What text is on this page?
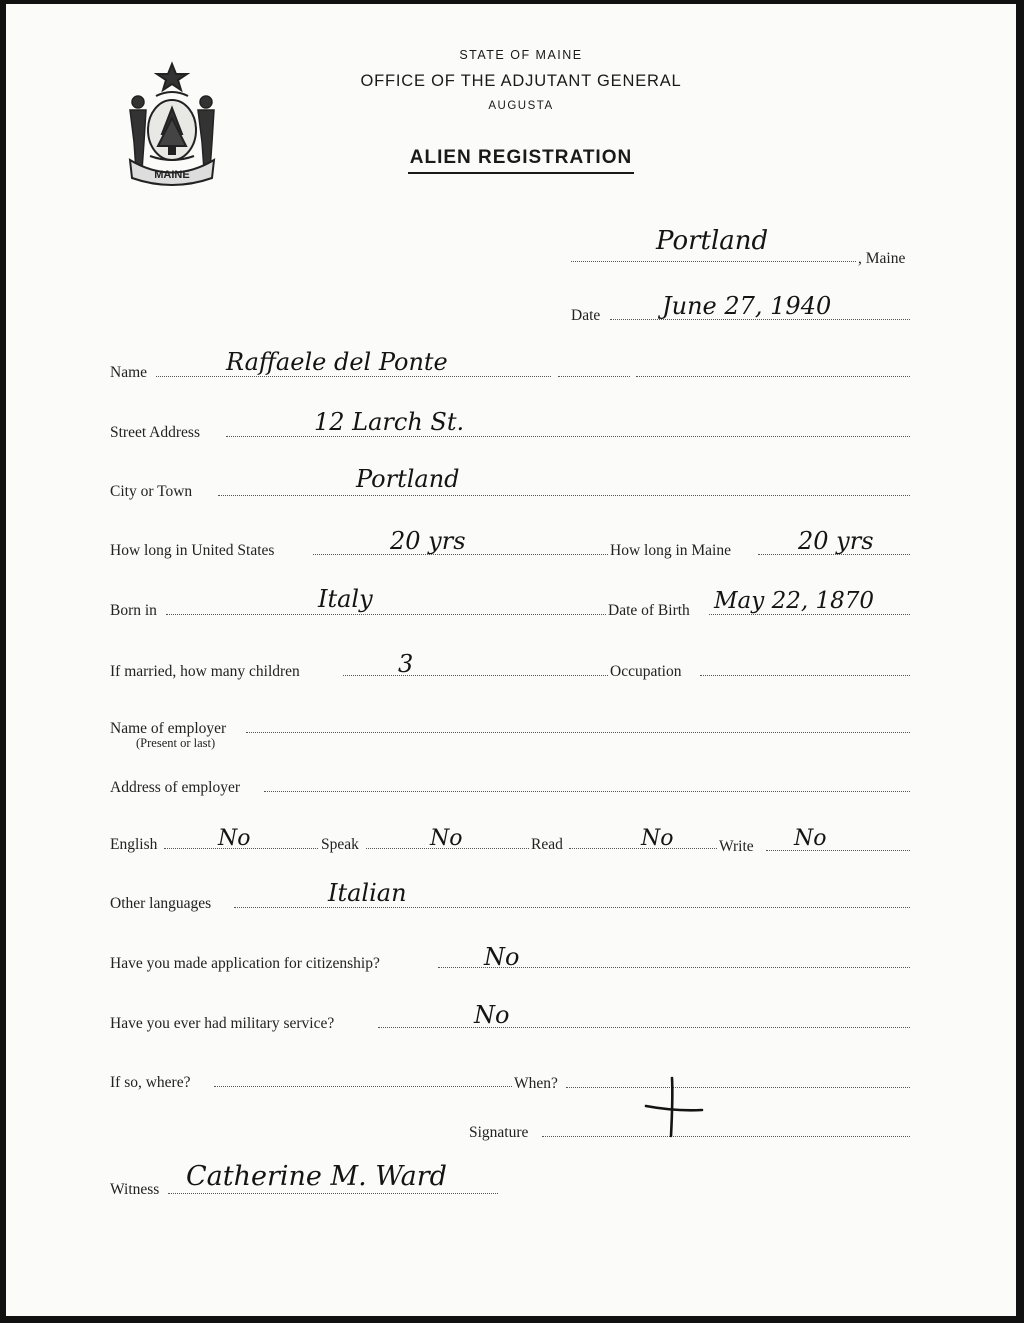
MAINE
STATE OF MAINE
OFFICE OF THE ADJUTANT GENERAL
AUGUSTA
ALIEN REGISTRATION
Portland
, Maine
Date	June 27, 1940
Name	Raffaele del Ponte
Street Address	12 Larch St.
City or Town	Portland
How long in United States	20 yrs	How long in Maine	20 yrs
Born in	Italy	Date of Birth May 22, 1870
If married, how many children	3	Occupation
Name of employer
(Present or last)
Address of employer
English	No	Speak	No	Read	No	Write No
Other languages	Italian
Have you made application for citizenship?	No
Have you ever had military service?	No
If so, where?	When?
Signature
Witness Catherine M. Ward
